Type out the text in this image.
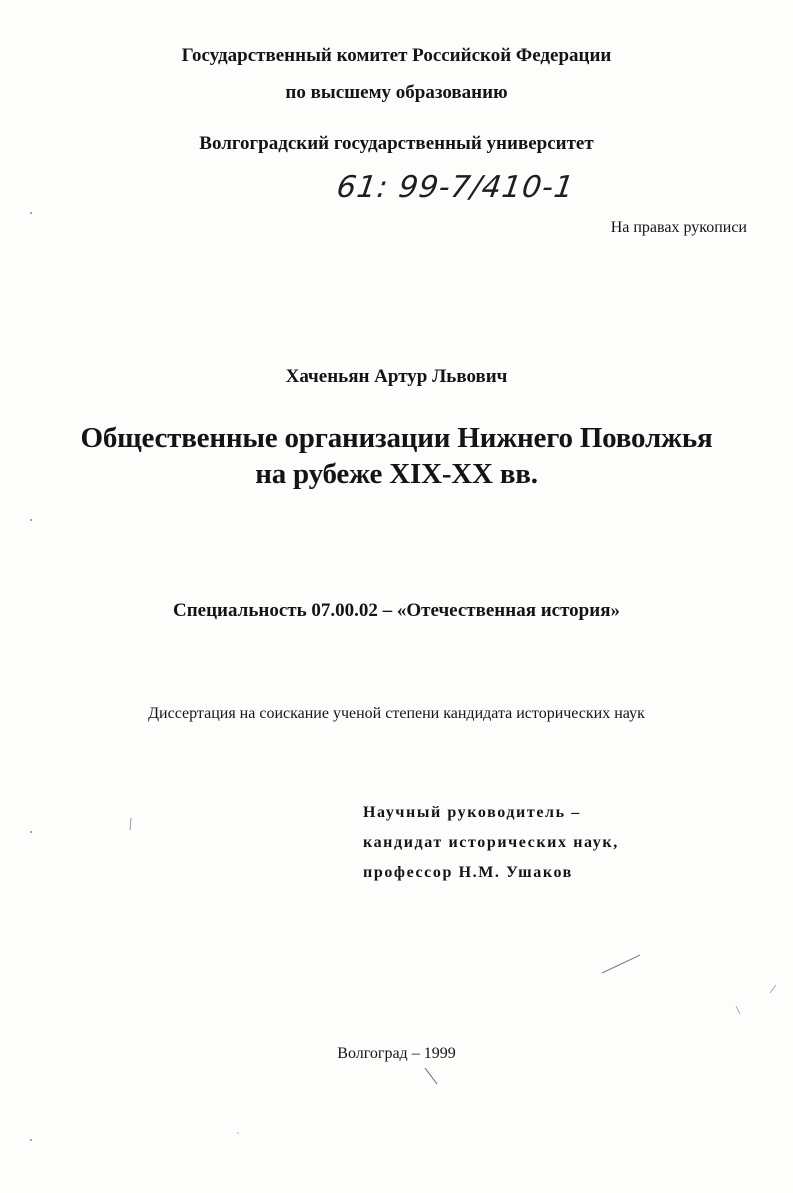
Государственный комитет Российской Федерации
по высшему образованию
Волгоградский государственный университет
61: 99-7/410-1
На правах рукописи
Хаченьян Артур Львович
Общественные организации Нижнего Поволжья
на рубеже XIX-XX вв.
Специальность 07.00.02 – «Отечественная история»
Диссертация на соискание ученой степени кандидата исторических наук
Научный руководитель –
кандидат исторических наук,
профессор Н.М. Ушаков
Волгоград – 1999
